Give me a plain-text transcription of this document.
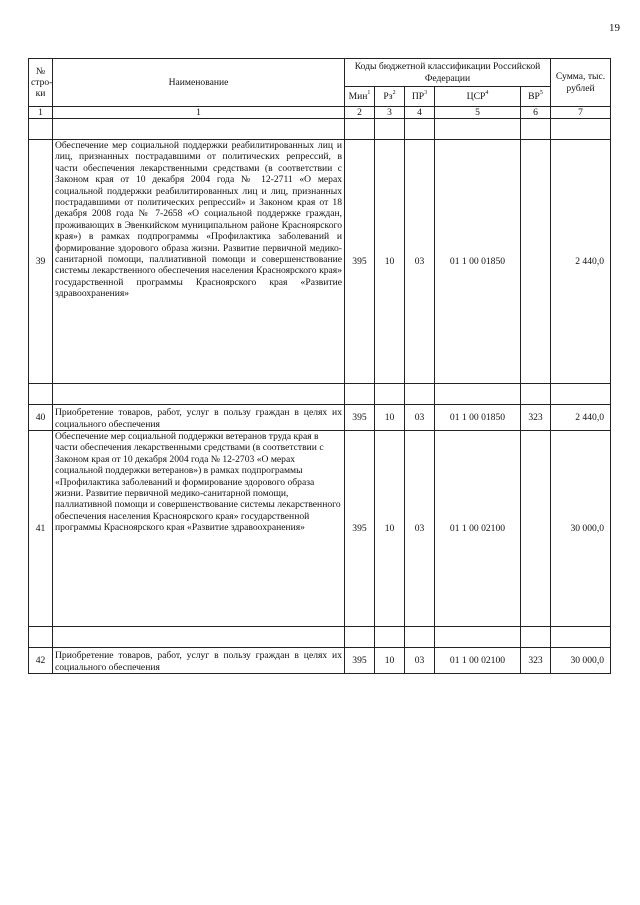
19
№ стро-ки	Наименование	Коды бюджетной классификации Российской Федерации					Сумма, тыс. рублей
		Мин$^1$	$Рз^2$	$ПР^3$	ЦСР$^4$	$ВР^5$
1	1	2	3	4	5	6	7

39	Обеспечение мер социальной поддержки реабилитированных лиц и лиц, признанных пострадавшими от политических репрессий, в части обеспечения лекарственными средствами (в соответствии с Законом края от 10 декабря 2004 года № 12-2711 «О мерах социальной поддержки реабилитированных лиц и лиц, признанных пострадавшими от политических репрессий» и Законом края от 18 декабря 2008 года № 7-2658 «О социальной поддержке граждан, проживающих в Эвенкийском муниципальном районе Красноярского края») в рамках подпрограммы «Профилактика заболеваний и формирование здорового образа жизни. Развитие первичной медико-санитарной помощи, паллиативной помощи и совершенствование системы лекарственного обеспечения населения Красноярского края» государственной программы Красноярского края «Развитие здравоохранения»	395	10	03	01 1 00 01850		2 440,0

40	Приобретение товаров, работ, услуг в пользу граждан в целях их социального обеспечения	395	10	03	01 1 00 01850	323	2 440,0
41	Обеспечение мер социальной поддержки ветеранов труда края в части обеспечения лекарственными средствами (в соответствии с Законом края от 10 декабря 2004 года № 12-2703 «О мерах социальной поддержки ветеранов») в рамках подпрограммы «Профилактика заболеваний и формирование здорового образа жизни. Развитие первичной медико-санитарной помощи, паллиативной помощи и совершенствование системы лекарственного обеспечения населения Красноярского края» государственной программы Красноярского края «Развитие здравоохранения»	395	10	03	01 1 00 02100		30 000,0

42	Приобретение товаров, работ, услуг в пользу граждан в целях их социального обеспечения	395	10	03	01 1 00 02100	323	30 000,0
